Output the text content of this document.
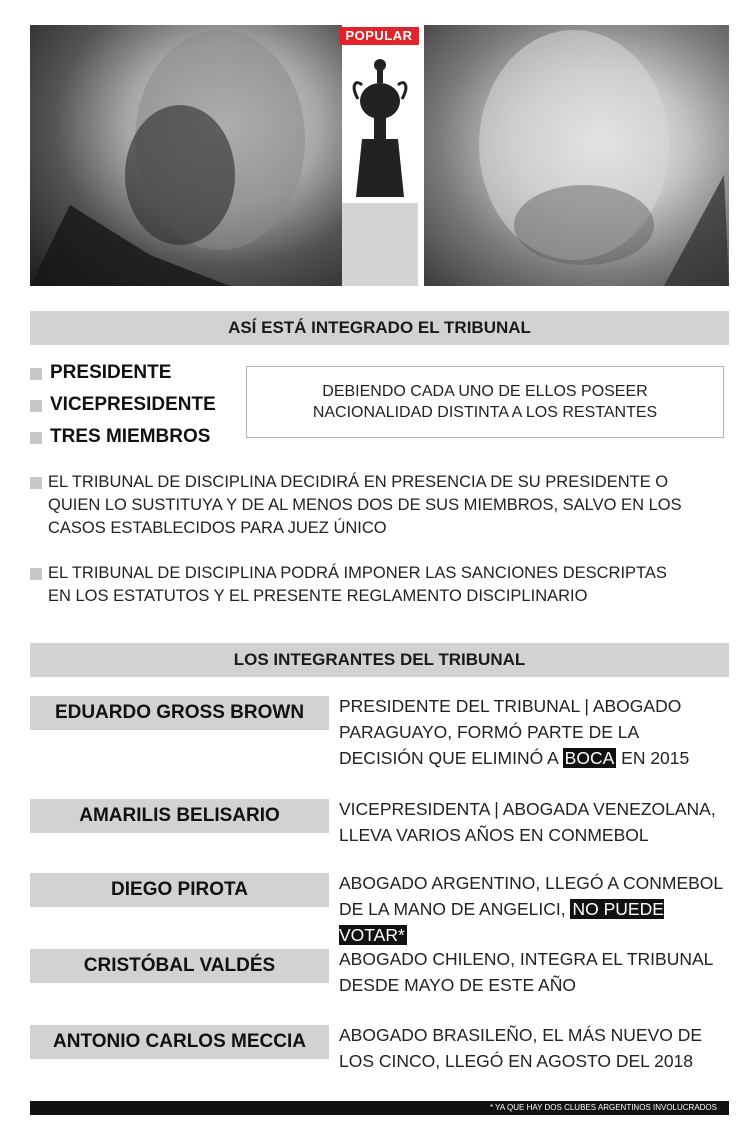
POPULAR
ASÍ ESTÁ INTEGRADO EL TRIBUNAL
PRESIDENTE
VICEPRESIDENTE
TRES MIEMBROS
DEBIENDO CADA UNO DE ELLOS POSEER
NACIONALIDAD DISTINTA A LOS RESTANTES
EL TRIBUNAL DE DISCIPLINA DECIDIRÁ EN PRESENCIA DE SU PRESIDENTE O
QUIEN LO SUSTITUYA Y DE AL MENOS DOS DE SUS MIEMBROS, SALVO EN LOS
CASOS ESTABLECIDOS PARA JUEZ ÚNICO
EL TRIBUNAL DE DISCIPLINA PODRÁ IMPONER LAS SANCIONES DESCRIPTAS
EN LOS ESTATUTOS Y EL PRESENTE REGLAMENTO DISCIPLINARIO
LOS INTEGRANTES DEL TRIBUNAL
EDUARDO GROSS BROWN	PRESIDENTE DEL TRIBUNAL | ABOGADO
PARAGUAYO, FORMÓ PARTE DE LA
DECISIÓN QUE ELIMINÓ A BOCA EN 2015
AMARILIS BELISARIO	VICEPRESIDENTA | ABOGADA VENEZOLANA,
LLEVA VARIOS AÑOS EN CONMEBOL
DIEGO PIROTA	ABOGADO ARGENTINO, LLEGÓ A CONMEBOL
DE LA MANO DE ANGELICI, NO PUEDE VOTAR*
CRISTÓBAL VALDÉS	ABOGADO CHILENO, INTEGRA EL TRIBUNAL
DESDE MAYO DE ESTE AÑO
ANTONIO CARLOS MECCIA	ABOGADO BRASILEÑO, EL MÁS NUEVO DE
LOS CINCO, LLEGÓ EN AGOSTO DEL 2018
* YA QUE HAY DOS CLUBES ARGENTINOS INVOLUCRADOS
